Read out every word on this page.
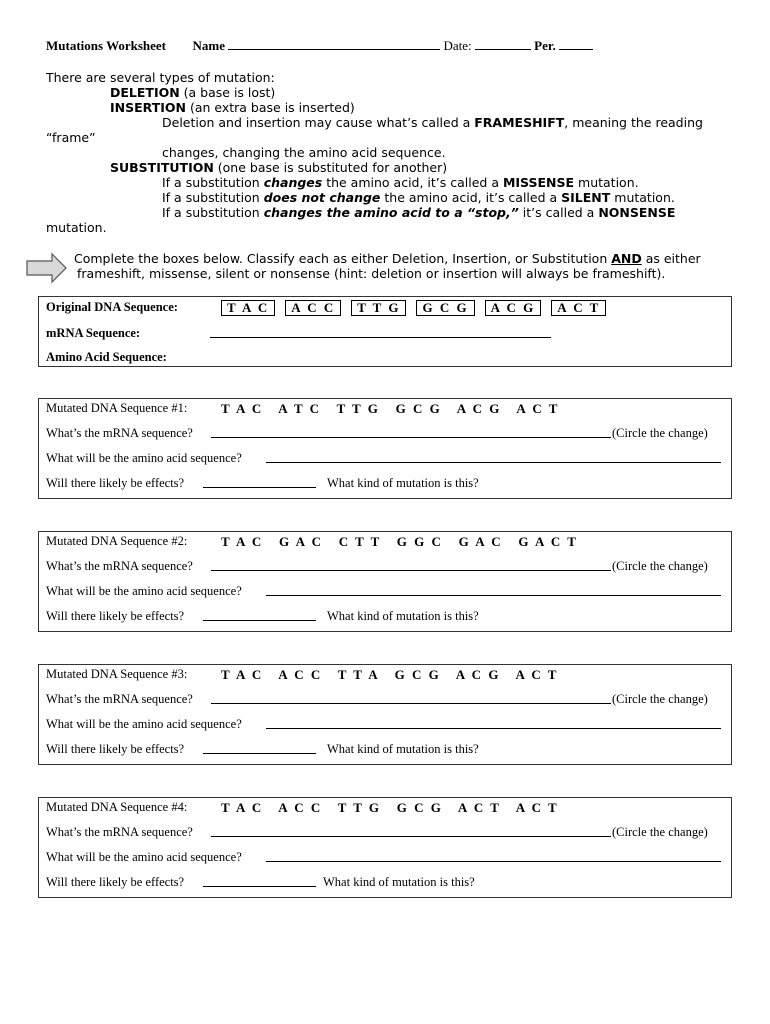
Mutations Worksheet Name	Date:	Per.
There are several types of mutation:
DELETION (a base is lost)
INSERTION (an extra base is inserted)
Deletion and insertion may cause what’s called a FRAMESHIFT, meaning the reading
“frame”
changes, changing the amino acid sequence.
SUBSTITUTION (one base is substituted for another)
If a substitution changes the amino acid, it’s called a MISSENSE mutation.
If a substitution does not change the amino acid, it’s called a SILENT mutation.
If a substitution changes the amino acid to a “stop,” it’s called a NONSENSE
mutation.
Complete the boxes below. Classify each as either Deletion, Insertion, or Substitution AND as either
frameshift, missense, silent or nonsense (hint: deletion or insertion will always be frameshift).
Original DNA Sequence:	T A C A C C T T G G C G A C G A C T
mRNA Sequence:
Amino Acid Sequence:
Mutated DNA Sequence #1:	T A C   A T C   T T G   G C G   A C G   A C T
What’s the mRNA sequence?	(Circle the change)
What will be the amino acid sequence?
Will there likely be effects?	What kind of mutation is this?
Mutated DNA Sequence #2:	T A C   G A C   C T T   G G C   G A C   G A C T
What’s the mRNA sequence?	(Circle the change)
What will be the amino acid sequence?
Will there likely be effects?	What kind of mutation is this?
Mutated DNA Sequence #3:	T A C   A C C   T T A   G C G   A C G   A C T
What’s the mRNA sequence?	(Circle the change)
What will be the amino acid sequence?
Will there likely be effects?	What kind of mutation is this?
Mutated DNA Sequence #4:	T A C   A C C   T T G   G C G   A C T   A C T
What’s the mRNA sequence?	(Circle the change)
What will be the amino acid sequence?
Will there likely be effects?	What kind of mutation is this?
